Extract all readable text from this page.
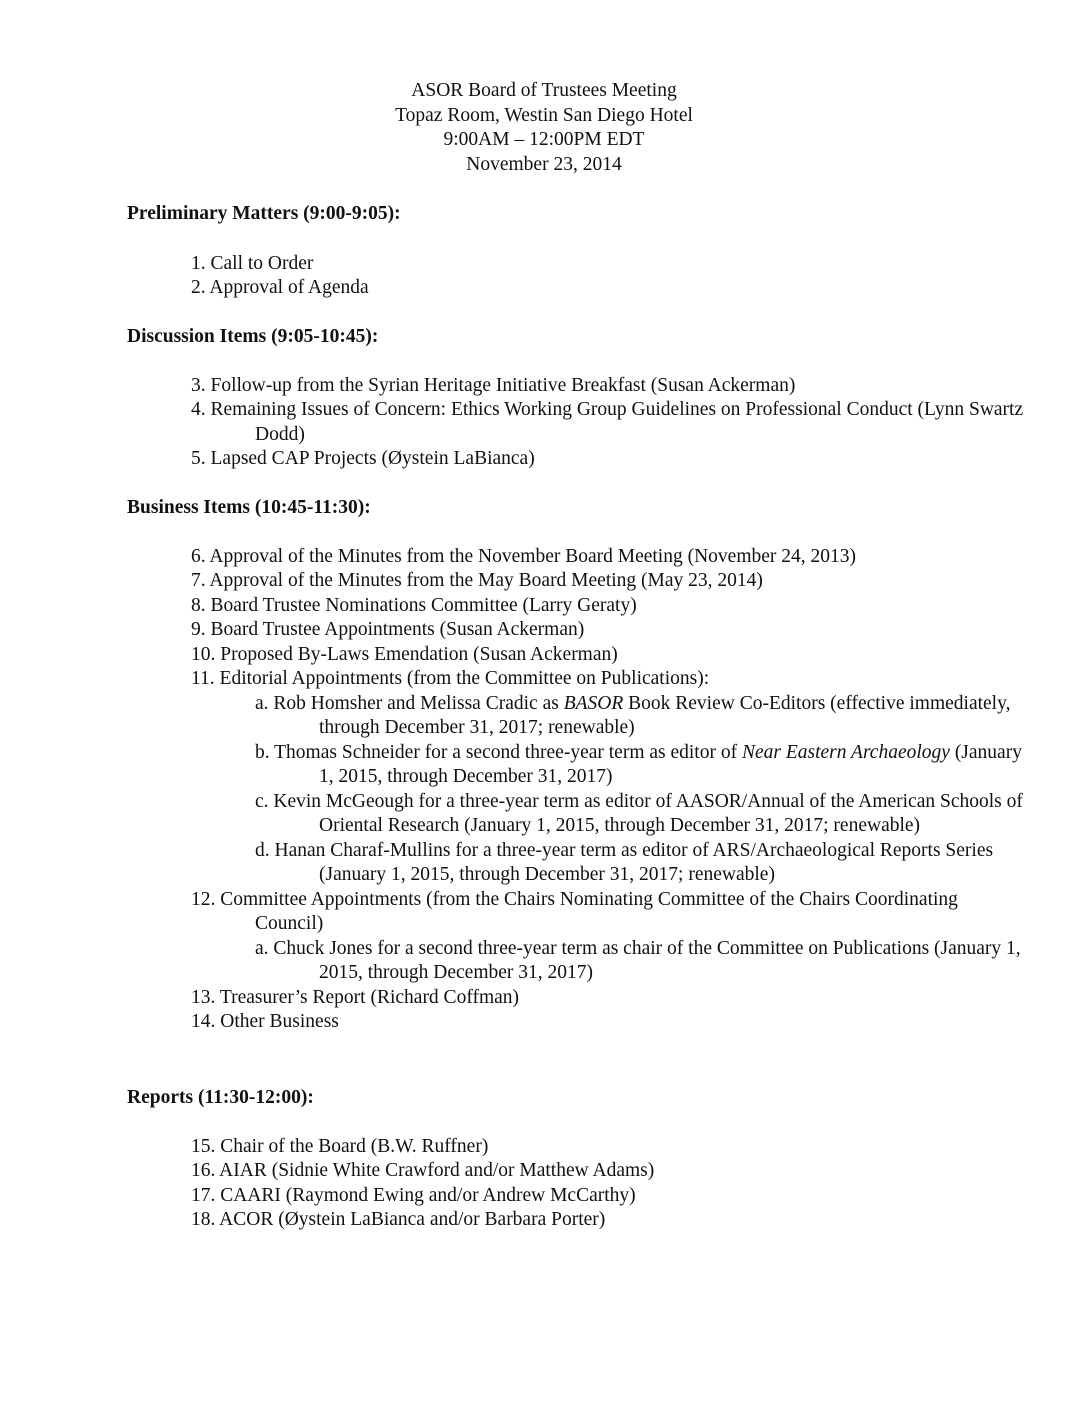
ASOR Board of Trustees Meeting
Topaz Room, Westin San Diego Hotel
9:00AM – 12:00PM EDT
November 23, 2014
Preliminary Matters (9:00-9:05):
1. Call to Order
2. Approval of Agenda
Discussion Items (9:05-10:45):
3. Follow-up from the Syrian Heritage Initiative Breakfast (Susan Ackerman)
4. Remaining Issues of Concern: Ethics Working Group Guidelines on Professional Conduct (Lynn Swartz Dodd)
5. Lapsed CAP Projects (Øystein LaBianca)
Business Items (10:45-11:30):
6. Approval of the Minutes from the November Board Meeting (November 24, 2013)
7. Approval of the Minutes from the May Board Meeting (May 23, 2014)
8. Board Trustee Nominations Committee (Larry Geraty)
9. Board Trustee Appointments (Susan Ackerman)
10. Proposed By-Laws Emendation (Susan Ackerman)
11. Editorial Appointments (from the Committee on Publications):
a. Rob Homsher and Melissa Cradic as BASOR Book Review Co-Editors (effective immediately, through December 31, 2017; renewable)
b. Thomas Schneider for a second three-year term as editor of Near Eastern Archaeology (January 1, 2015, through December 31, 2017)
c. Kevin McGeough for a three-year term as editor of AASOR/Annual of the American Schools of Oriental Research (January 1, 2015, through December 31, 2017; renewable)
d. Hanan Charaf-Mullins for a three-year term as editor of ARS/Archaeological Reports Series (January 1, 2015, through December 31, 2017; renewable)
12. Committee Appointments (from the Chairs Nominating Committee of the Chairs Coordinating Council)
a. Chuck Jones for a second three-year term as chair of the Committee on Publications (January 1, 2015, through December 31, 2017)
13. Treasurer’s Report (Richard Coffman)
14. Other Business
Reports (11:30-12:00):
15. Chair of the Board (B.W. Ruffner)
16. AIAR (Sidnie White Crawford and/or Matthew Adams)
17. CAARI (Raymond Ewing and/or Andrew McCarthy)
18. ACOR (Øystein LaBianca and/or Barbara Porter)
